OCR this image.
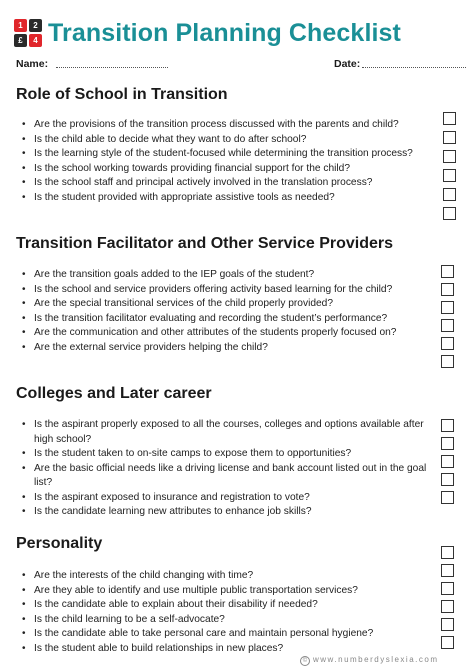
1	2
£	4 Transition Planning Checklist
Name:	Date:
Role of School in Transition
• Are the provisions of the transition process discussed with the parents and child?
• Is the child able to decide what they want to do after school?
• Is the learning style of the student-focused while determining the transition process?
• Is the school working towards providing financial support for the child?
• Is the school staff and principal actively involved in the translation process?
• Is the student provided with appropriate assistive tools as needed?
Transition Facilitator and Other Service Providers
• Are the transition goals added to the IEP goals of the student?
• Is the school and service providers offering activity based learning for the child?
• Are the special transitional services of the child properly provided?
• Is the transition facilitator evaluating and recording the student’s performance?
• Are the communication and other attributes of the students properly focused on?
• Are the external service providers helping the child?
Colleges and Later career
• Is the aspirant properly exposed to all the courses, colleges and options available after high school?
• Is the student taken to on-site camps to expose them to opportunities?
• Are the basic official needs like a driving license and bank account listed out in the goal list?
• Is the aspirant exposed to insurance and registration to vote?
• Is the candidate learning new attributes to enhance job skills?
Personality
• Are the interests of the child changing with time?
• Are they able to identify and use multiple public transportation services?
• Is the candidate able to explain about their disability if needed?
• Is the child learning to be a self-advocate?
• Is the candidate able to take personal care and maintain personal hygiene?
• Is the student able to build relationships in new places?
© www.numberdyslexia.com
